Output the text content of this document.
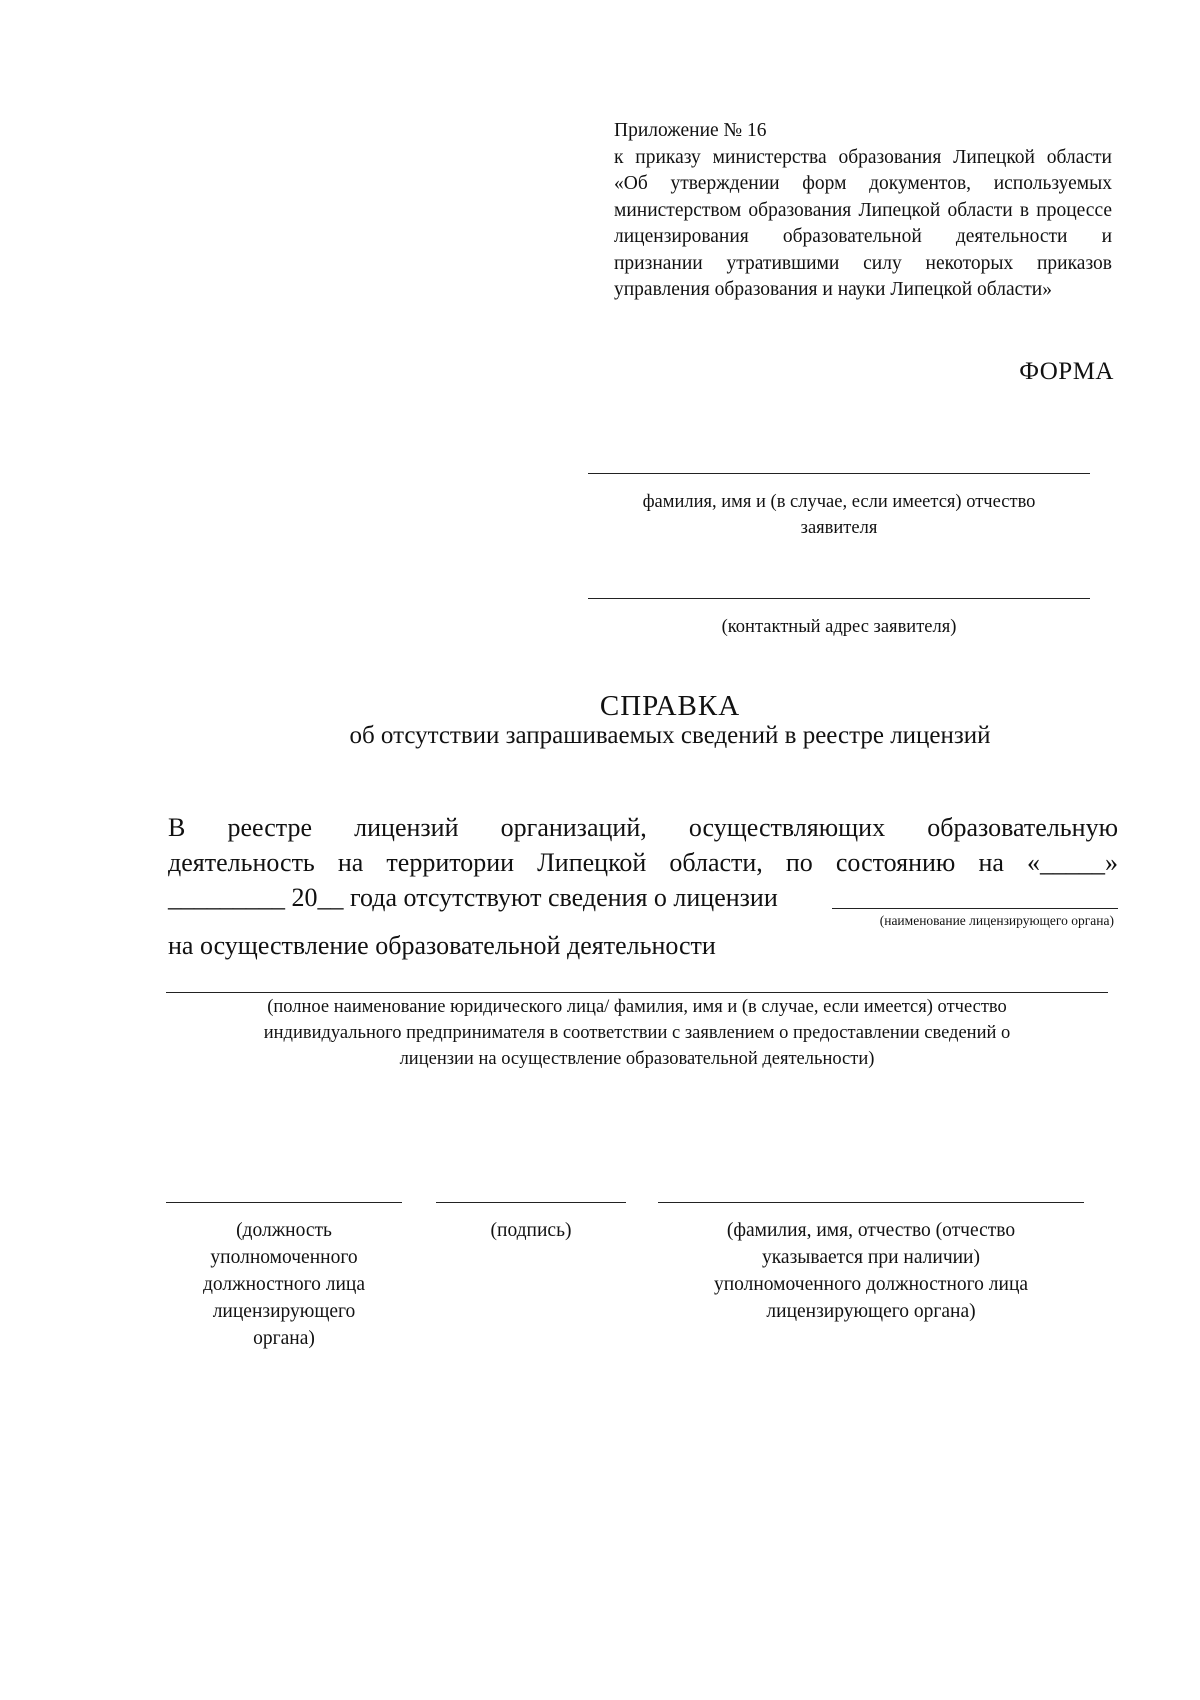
Приложение № 16
к приказу министерства образования Липецкой области «Об утверждении форм документов, используемых министерством образования Липецкой области в процессе лицензирования образовательной деятельности и признании утратившими силу некоторых приказов управления образования и науки Липецкой области»
ФОРМА
фамилия, имя и (в случае, если имеется) отчество
заявителя
(контактный адрес заявителя)
СПРАВКА
об отсутствии запрашиваемых сведений в реестре лицензий
В реестре лицензий организаций, осуществляющих образовательную
деятельность на территории Липецкой области, по состоянию на «_____»
_________ 20__ года отсутствуют сведения о лицензии
(наименование лицензирующего органа)
на осуществление образовательной деятельности
(полное наименование юридического лица/ фамилия, имя и (в случае, если имеется) отчество
индивидуального предпринимателя в соответствии с заявлением о предоставлении сведений о
лицензии на осуществление образовательной деятельности)
(должность
уполномоченного
должностного лица
лицензирующего
органа)
(подпись)	(фамилия, имя, отчество (отчество
указывается при наличии)
уполномоченного должностного лица
лицензирующего органа)
